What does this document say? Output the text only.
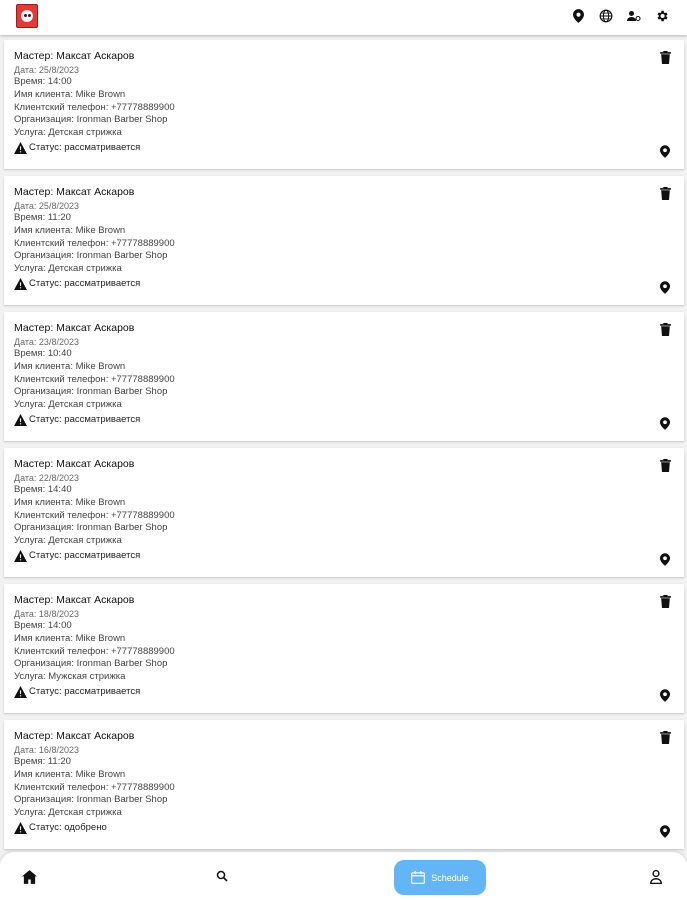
Мастер: Максат Аскаров
Дата: 25/8/2023
Время: 14:00
Имя клиента: Mike Brown
Клиентский телефон: +77778889900
Организация: Ironman Barber Shop
Услуга: Детская стрижка
Статус: рассматривается
Мастер: Максат Аскаров
Дата: 25/8/2023
Время: 11:20
Имя клиента: Mike Brown
Клиентский телефон: +77778889900
Организация: Ironman Barber Shop
Услуга: Детская стрижка
Статус: рассматривается
Мастер: Максат Аскаров
Дата: 23/8/2023
Время: 10:40
Имя клиента: Mike Brown
Клиентский телефон: +77778889900
Организация: Ironman Barber Shop
Услуга: Детская стрижка
Статус: рассматривается
Мастер: Максат Аскаров
Дата: 22/8/2023
Время: 14:40
Имя клиента: Mike Brown
Клиентский телефон: +77778889900
Организация: Ironman Barber Shop
Услуга: Детская стрижка
Статус: рассматривается
Мастер: Максат Аскаров
Дата: 18/8/2023
Время: 14:00
Имя клиента: Mike Brown
Клиентский телефон: +77778889900
Организация: Ironman Barber Shop
Услуга: Мужская стрижка
Статус: рассматривается
Мастер: Максат Аскаров
Дата: 16/8/2023
Время: 11:20
Имя клиента: Mike Brown
Клиентский телефон: +77778889900
Организация: Ironman Barber Shop
Услуга: Детская стрижка
Статус: одобрено
Schedule
